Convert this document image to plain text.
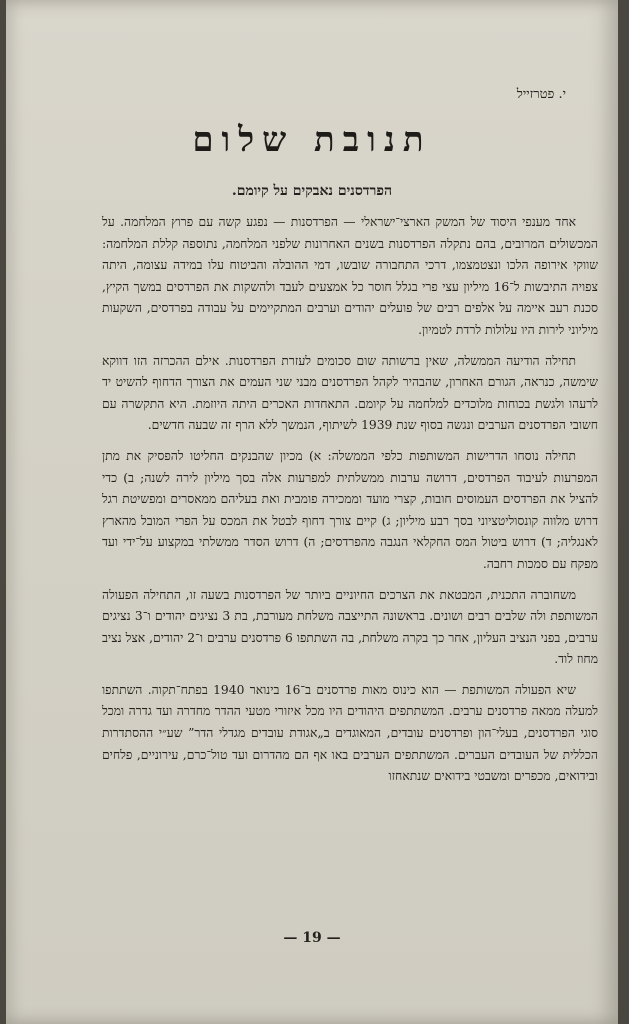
י. פטרזייל
תנובת שלום
הפרדסנים נאבקים על קיומם.

אחד מענפי היסוד של המשק הארצי־ישראלי — הפרדסנות — נפגע קשה עם פרוץ המלחמה. על המכשולים המרובים, בהם נתקלה הפרדסנות בשנים האחרונות שלפני המלחמה, נתוספה קללת המלחמה: שווקי אירופה הלכו ונצטמצמו, דרכי התחבורה שובשו, דמי ההובלה והביטוח עלו במידה עצומה, היתה צפויה התיבשות ל־16 מיליון עצי פרי בגלל חוסר כל אמצעים לעבד ולהשקות את הפרדסים במשך הקיץ, סכנת רעב איימה על אלפים רבים של פועלים יהודים וערבים המתקיימים על עבודה בפרדסים, השקעות מיליוני לירות היו עלולות לרדת לטמיון.

תחילה הודיעה הממשלה, שאין ברשותה שום סכומים לעזרת הפרדסנות. אילם ההכרזה הזו דווקא שימשה, כנראה, הגורם האחרון, שהבהיר לקהל הפרדסנים מבני שני העמים את הצורך הדחוף להשיט יד לרעהו ולגשת בכוחות מלוכדים למלחמה על קיומם. התאחדות האכרים היתה היוזמת. היא התקשרה עם חשובי הפרדסנים הערבים ונגשה בסוף שנת 1939 לשיתוף, הנמשך ללא הרף זה שבעה חדשים.

תחילה נוסחו הדרישות המשותפות כלפי הממשלה: א) מכיון שהבנקים החליטו להפסיק את מתן המפרעות לעיבוד הפרדסים, דרושה ערבות ממשלתית למפרעות אלה בסך מיליון לירה לשנה; ב) כדי להציל את הפרדסים העמוסים חובות, קצרי מועד וממכירה פומבית ואת בעליהם ממאסרים ומפשיטת רגל דרוש מלווה קונסוליטציוני בסך רבע מיליון; ג) קיים צורך דחוף לבטל את המכס על הפרי המובל מהארץ לאנגליה; ד) דרוש ביטול המס החקלאי הנגבה מהפרדסים; ה) דרוש הסדר ממשלתי במקצוע על־ידי ועד מפקח עם סמכות רחבה.

משחוברה התכנית, המבטאת את הצרכים החיוניים ביותר של הפרדסנות בשעה זו, התחילה הפעולה המשותפת ולה שלבים רבים ושונים. בראשונה התייצבה משלחת מעורבת, בת 3 נציגים יהודים ו־3 נציגים ערבים, בפני הנציב העליון, אחר כך בקרה משלחת, בה השתתפו 6 פרדסנים ערבים ו־2 יהודים, אצל נציב מחוז לוד.

שיא הפעולה המשותפת — הוא כינוס מאות פרדסנים ב־16 בינואר 1940 בפתח־תקוה. השתתפו למעלה ממאה פרדסנים ערבים. המשתתפים היהודים היו מכל איזורי מטעי ההדר מחדרה ועד גדרה ומכל סוגי הפרדסנים, בעלי־הון ופרדסנים עובדים, המאוגדים ב„אגודת עובדים מגדלי הדר” שע״י ההסתדרות הכללית של העובדים העברים. המשתתפים הערבים באו אף הם מהדרום ועד טול־כרם, עירוניים, פלחים ובידואים, מכפרים ומשבטי בידואים שנתאחזו

— 19 —
